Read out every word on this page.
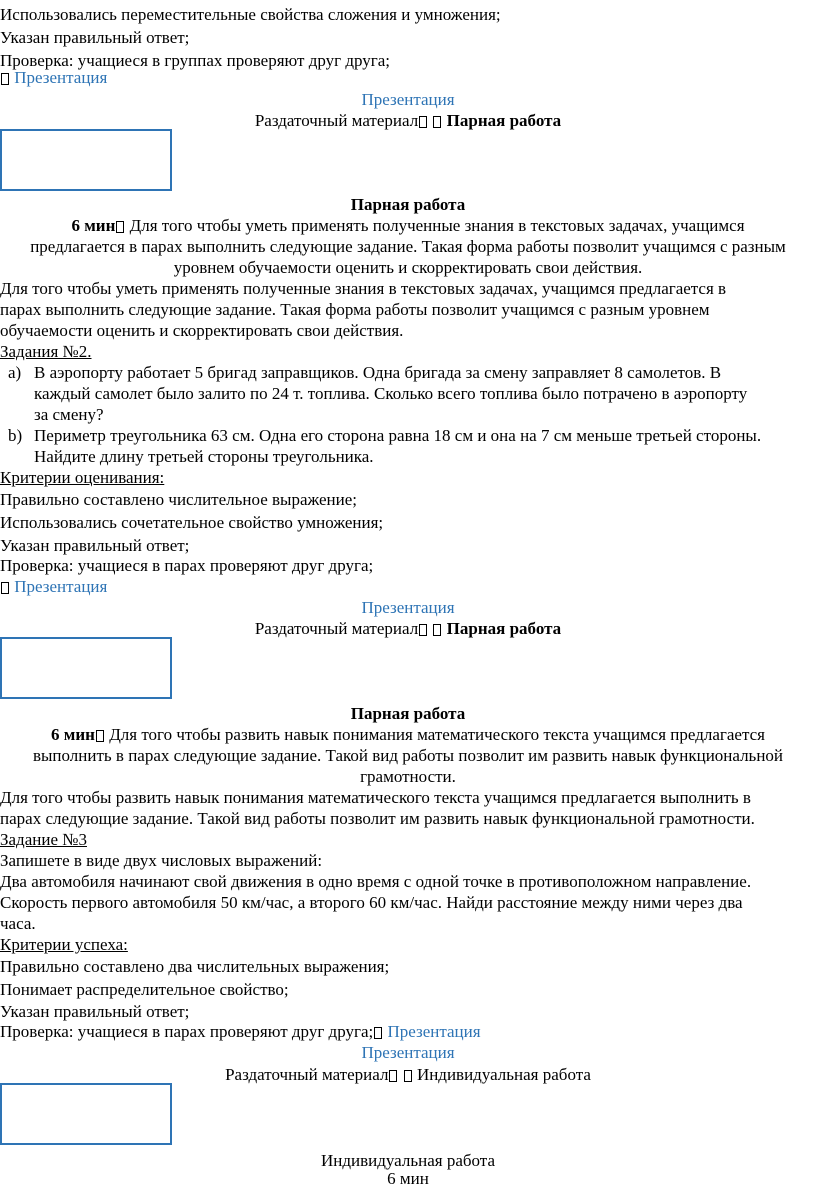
Использовались переместительные свойства сложения и умножения;
Указан правильный ответ;
Проверка: учащиеся в группах проверяют друг друга;
Презентация
Презентация
Раздаточный материал Парная работа
Парная работа
6 мин Для того чтобы уметь применять полученные знания в текстовых задачах, учащимся
предлагается в парах выполнить следующие задание. Такая форма работы позволит учащимся с разным
уровнем обучаемости оценить и скорректировать свои действия.
Для того чтобы уметь применять полученные знания в текстовых задачах, учащимся предлагается в
парах выполнить следующие задание. Такая форма работы позволит учащимся с разным уровнем
обучаемости оценить и скорректировать свои действия.
Задания №2.
a) В аэропорту работает 5 бригад заправщиков. Одна бригада за смену заправляет 8 самолетов. В
каждый самолет было залито по 24 т. топлива. Сколько всего топлива было потрачено в аэропорту
за смену?
b) Периметр треугольника 63 см. Одна его сторона равна 18 см и она на 7 см меньше третьей стороны.
Найдите длину третьей стороны треугольника.
Критерии оценивания:
Правильно составлено числительное выражение;
Использовались сочетательное свойство умножения;
Указан правильный ответ;
Проверка: учащиеся в парах проверяют друг друга;
Презентация
Презентация
Раздаточный материал Парная работа
Парная работа
6 мин Для того чтобы развить навык понимания математического текста учащимся предлагается
выполнить в парах следующие задание. Такой вид работы позволит им развить навык функциональной
грамотности.
Для того чтобы развить навык понимания математического текста учащимся предлагается выполнить в
парах следующие задание. Такой вид работы позволит им развить навык функциональной грамотности.
Задание №3
Запишете в виде двух числовых выражений:
Два автомобиля начинают свой движения в одно время с одной точке в противоположном направление.
Скорость первого автомобиля 50 км/час, а второго 60 км/час. Найди расстояние между ними через два
часа.
Критерии успеха:
Правильно составлено два числительных выражения;
Понимает распределительное свойство;
Указан правильный ответ;
Проверка: учащиеся в парах проверяют друг друга; Презентация
Презентация
Раздаточный материал Индивидуальная работа
Индивидуальная работа
6 мин
